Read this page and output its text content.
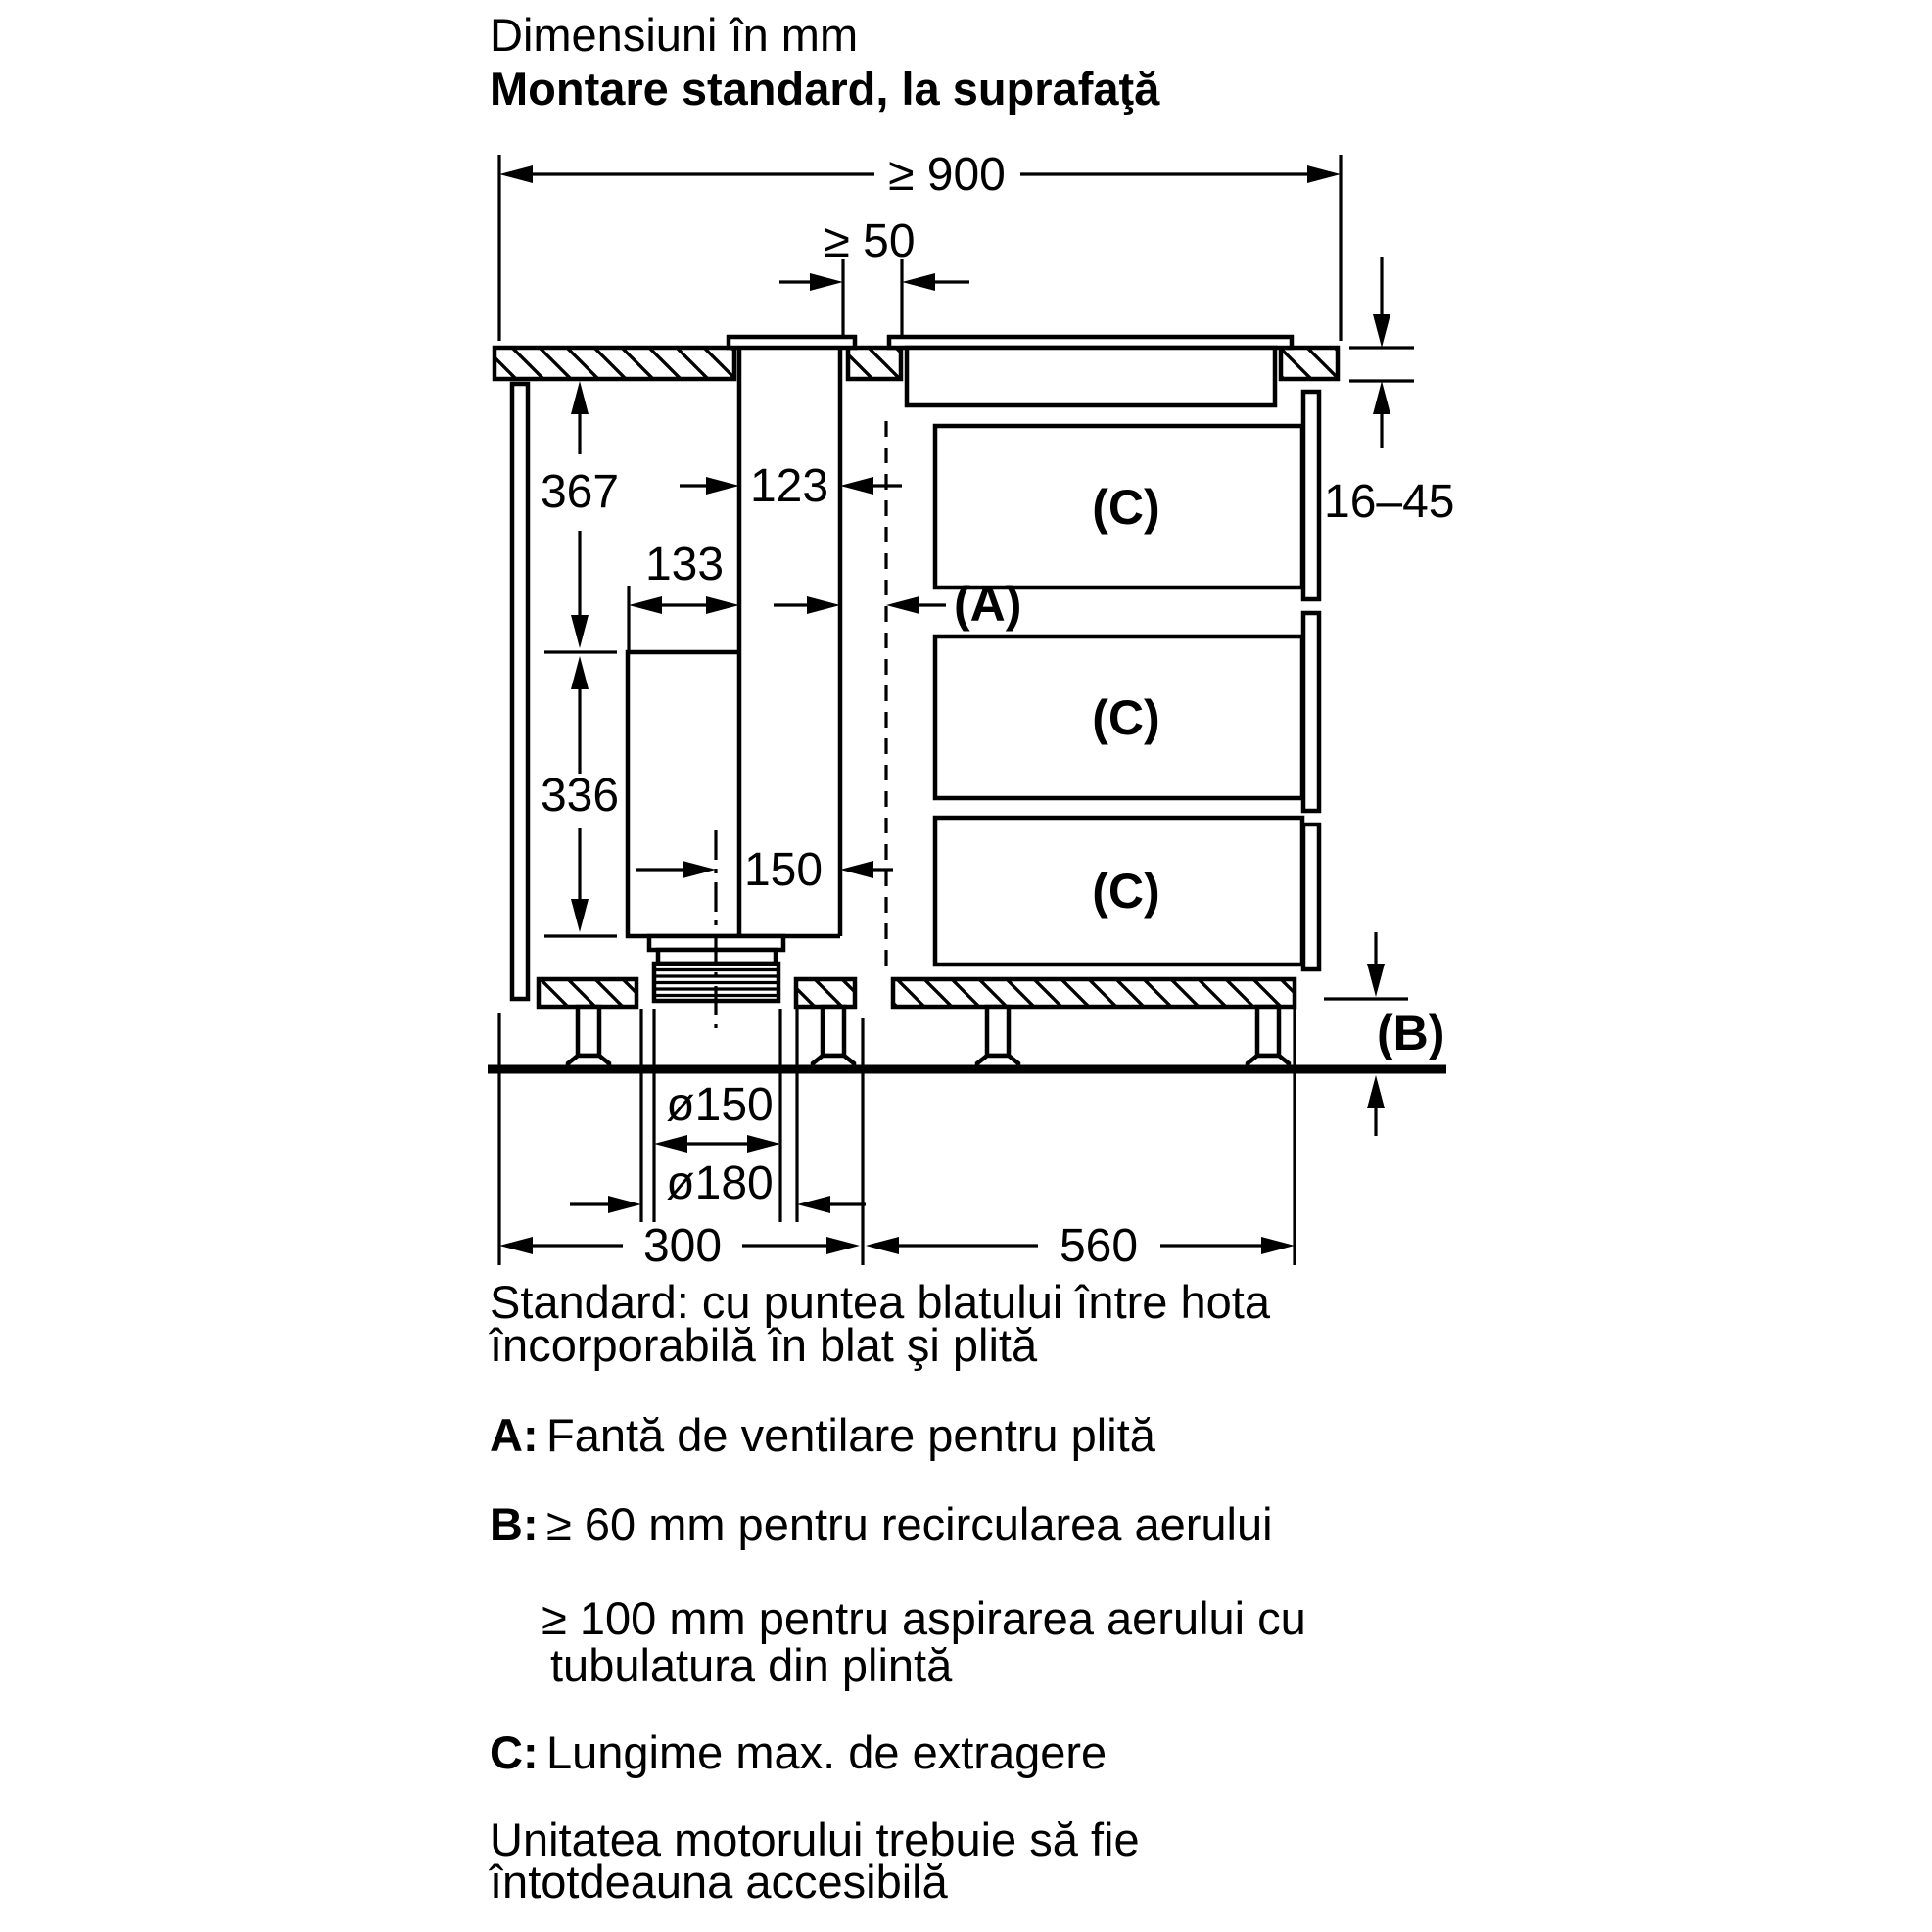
Dimensiuni în mm
Montare standard, la suprafaţă
(C)
(C)
(C)
≥ 900
≥ 50
367
336
123
133
(A)
150
16–45
(B)
ø150
ø180
300	560
Standard: cu puntea blatului între hota
încorporabilă în blat şi plită
A: Fantă de ventilare pentru plită
B: ≥ 60 mm pentru recircularea aerului
≥ 100 mm pentru aspirarea aerului cu
tubulatura din plintă
C: Lungime max. de extragere
Unitatea motorului trebuie să fie
întotdeauna accesibilă
